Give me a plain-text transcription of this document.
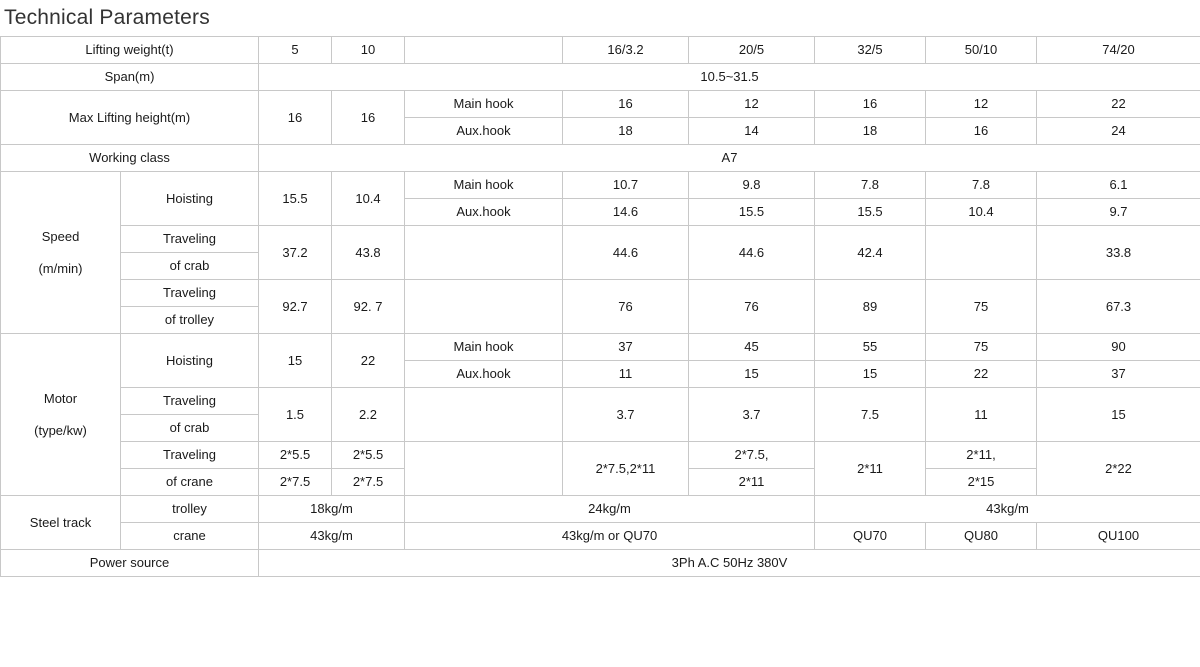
Technical Parameters
Lifting weight(t)		5	10		16/3.2	20/5	32/5	50/10	74/20
Span(m)		10.5~31.5							
Max Lifting height(m)		16	16	Main hook	16	12	16	12	22
				Aux.hook	18	14	18	16	24
Working class		A7							

Speed
(m/min)	Hoisting	15.5	10.4	Main hook	10.7	9.8	7.8	7.8	6.1
				Aux.hook	14.6	15.5	15.5	10.4	9.7
	Traveling	37.2	43.8		44.6	44.6	42.4		33.8
	of crab								
	Traveling	92.7	92. 7		76	76	89	75	67.3
	of trolley								

Motor
(type/kw)	Hoisting	15	22	Main hook	37	45	55	75	90
				Aux.hook	11	15	15	22	37
	Traveling	1.5	2.2		3.7	3.7	7.5	11	15
	of crab								
	Traveling	2*5.5	2*5.5		2*7.5,2*11	2*7.5,	2*11	2*11,	2*22
	of crane	2*7.5	2*7.5			2*11		2*15	
Steel track	trolley	18kg/m		24kg/m			43kg/m		
	crane	43kg/m		43kg/m or QU70			QU70	QU80	QU100
Power source		3Ph A.C 50Hz 380V							
